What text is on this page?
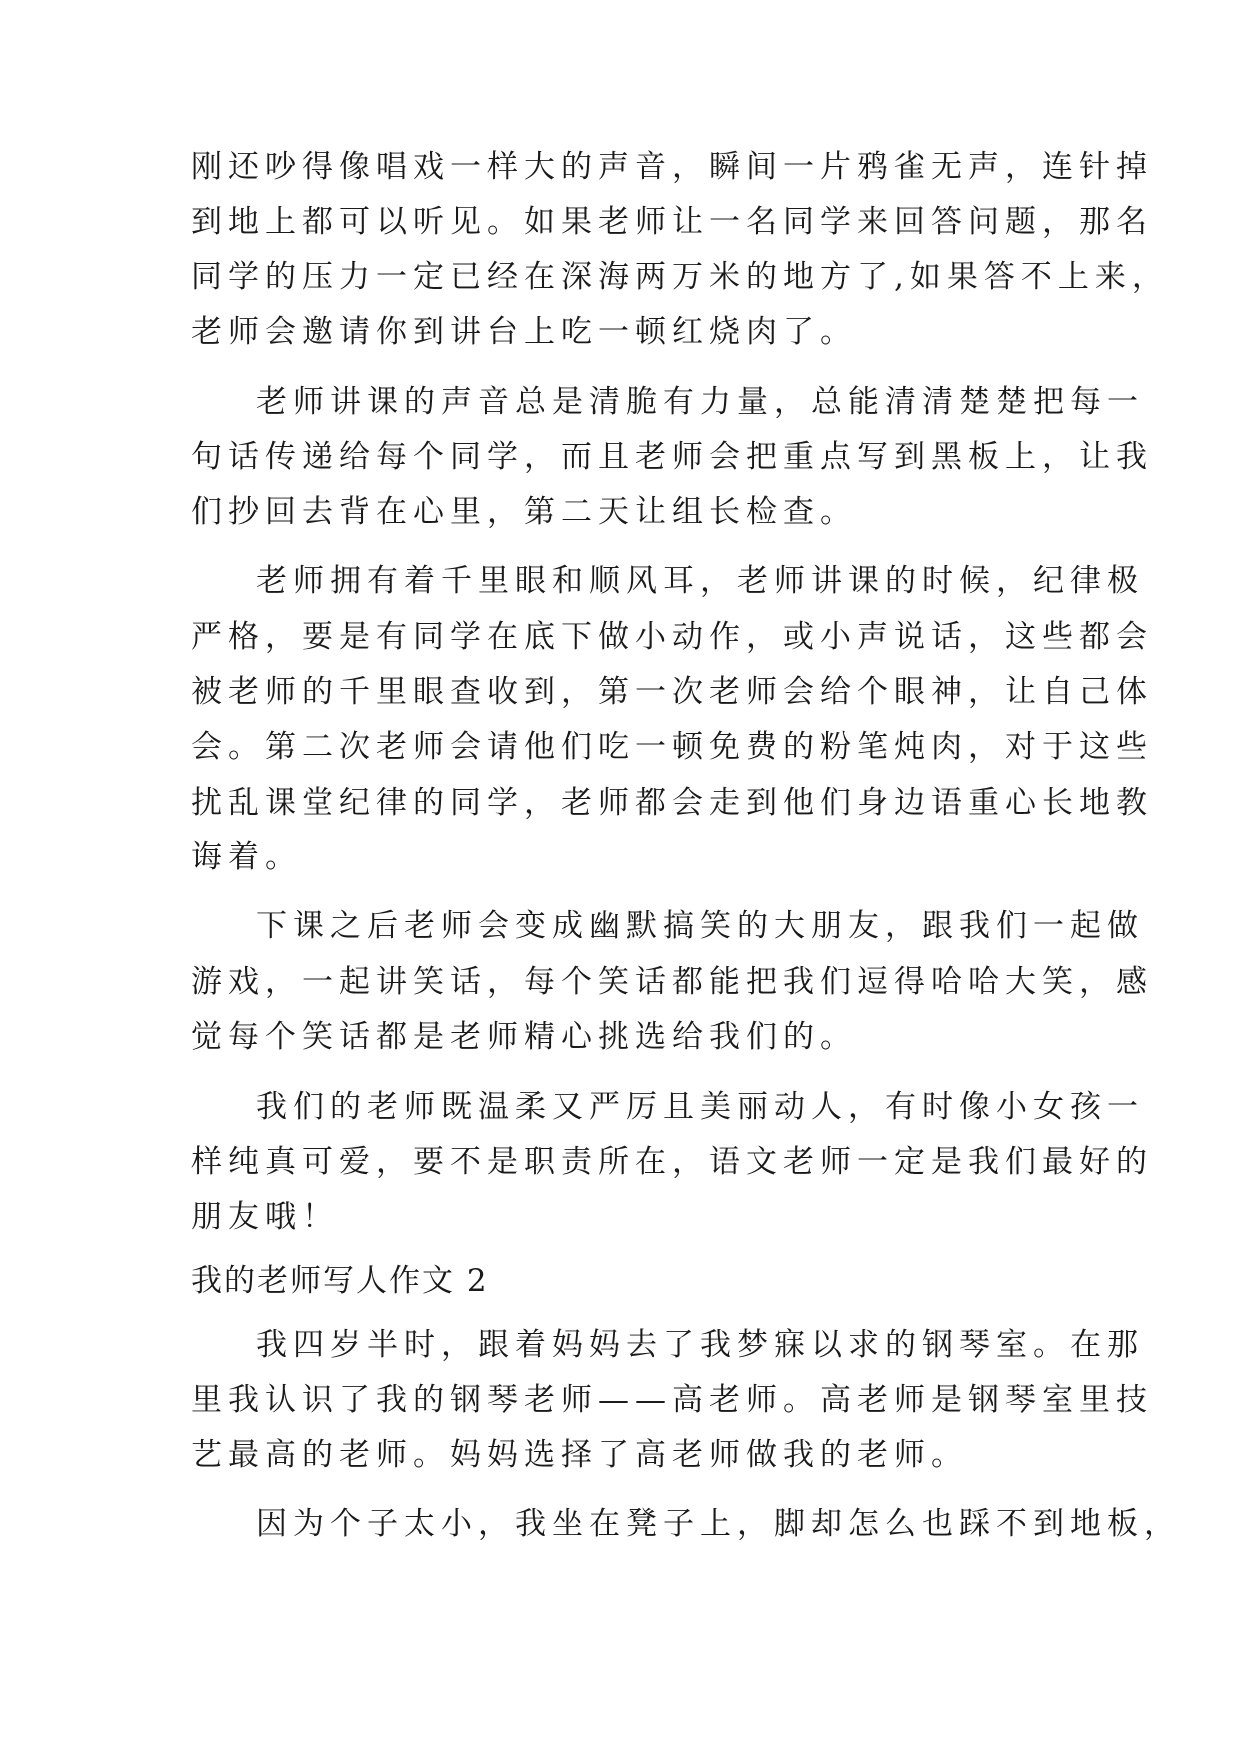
刚还吵得像唱戏一样大的声音，瞬间一片鸦雀无声，连针掉
到地上都可以听见。如果老师让一名同学来回答问题，那名
同学的压力一定已经在深海两万米的地方了,如果答不上来，
老师会邀请你到讲台上吃一顿红烧肉了。
老师讲课的声音总是清脆有力量，总能清清楚楚把每一
句话传递给每个同学，而且老师会把重点写到黑板上，让我
们抄回去背在心里，第二天让组长检查。
老师拥有着千里眼和顺风耳，老师讲课的时候，纪律极
严格，要是有同学在底下做小动作，或小声说话，这些都会
被老师的千里眼查收到，第一次老师会给个眼神，让自己体
会。第二次老师会请他们吃一顿免费的粉笔炖肉，对于这些
扰乱课堂纪律的同学，老师都会走到他们身边语重心长地教
诲着。
下课之后老师会变成幽默搞笑的大朋友，跟我们一起做
游戏，一起讲笑话，每个笑话都能把我们逗得哈哈大笑，感
觉每个笑话都是老师精心挑选给我们的。
我们的老师既温柔又严厉且美丽动人，有时像小女孩一
样纯真可爱，要不是职责所在，语文老师一定是我们最好的
朋友哦！
我的老师写人作文 2
我四岁半时，跟着妈妈去了我梦寐以求的钢琴室。在那
里我认识了我的钢琴老师——高老师。高老师是钢琴室里技
艺最高的老师。妈妈选择了高老师做我的老师。
因为个子太小，我坐在凳子上，脚却怎么也踩不到地板，
